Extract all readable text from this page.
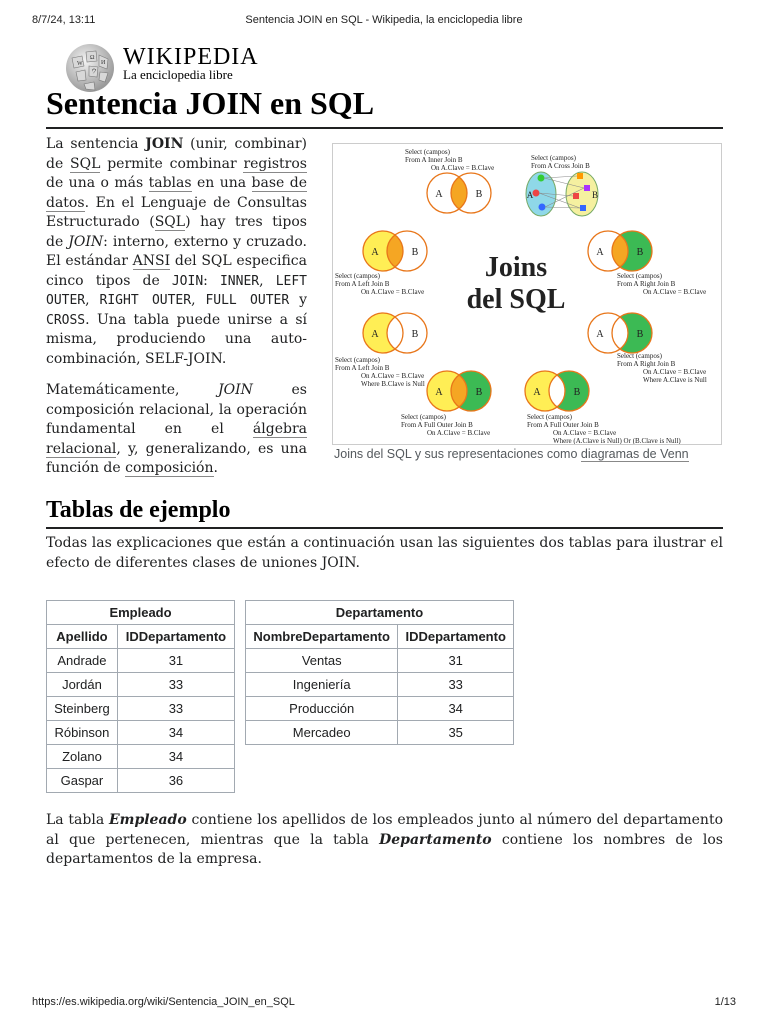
8/7/24, 13:11	Sentencia JOIN en SQL - Wikipedia, la enciclopedia libre
W
Ω
И
ウ
WIKIPEDIA
La enciclopedia libre
Sentencia JOIN en SQL

La sentencia JOIN (unir, combinar) de SQL permite combinar registros de una o más tablas en una base de datos. En el Lenguaje de Consultas Estructurado (SQL) hay tres tipos de JOIN: interno, externo y cruzado. El estándar ANSI del SQL especifica cinco tipos de JOIN: INNER, LEFT OUTER, RIGHT OUTER, FULL OUTER y CROSS. Una tabla puede unirse a sí misma, produciendo una auto-combinación, SELF-JOIN.

Matemáticamente, JOIN es composición relacional, la operación fundamental en el álgebra relacional, y, generalizando, es una función de composición.

Select (campos)
From A Inner Join B
On A.Clave = B.Clave
A	B
Select (campos)
From A Cross Join B
A	B
A	B
Select (campos)
From A Left Join B
On A.Clave = B.Clave
A	B
Select (campos)
From A Right Join B
On A.Clave = B.Clave
Joins
del SQL
A	B
Select (campos)
From A Left Join B
On A.Clave = B.Clave
Where B.Clave is Null
A	B
Select (campos)
From A Right Join B
On A.Clave = B.Clave
Where A.Clave is Null
A	B
Select (campos)
From A Full Outer Join B
On A.Clave = B.Clave
A	B
Select (campos)
From A Full Outer Join B
On A.Clave = B.Clave
Where (A.Clave is Null) Or (B.Clave is Null)
Joins del SQL y sus representaciones como diagramas de Venn
Tablas de ejemplo

Todas las explicaciones que están a continuación usan las siguientes dos tablas para ilustrar el efecto de diferentes clases de uniones JOIN.

Empleado	
Apellido	IDDepartamento
Andrade	31
Jordán	33
Steinberg	33
Róbinson	34
Zolano	34
Gaspar	36
Departamento	
NombreDepartamento	IDDepartamento
Ventas	31
Ingeniería	33
Producción	34
Mercadeo	35

La tabla Empleado contiene los apellidos de los empleados junto al número del departamento al que pertenecen, mientras que la tabla Departamento contiene los nombres de los departamentos de la empresa.

https://es.wikipedia.org/wiki/Sentencia_JOIN_en_SQL	1/13
